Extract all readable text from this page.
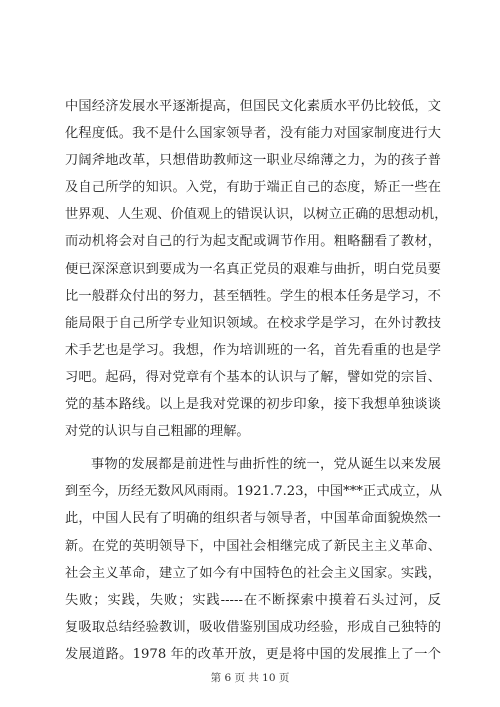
中国经济发展水平逐渐提高，但国民文化素质水平仍比较低，文
化程度低。我不是什么国家领导者，没有能力对国家制度进行大
刀阔斧地改革，只想借助教师这一职业尽绵薄之力，为的孩子普
及自己所学的知识。入党，有助于端正自己的态度，矫正一些在
世界观、人生观、价值观上的错误认识，以树立正确的思想动机，
而动机将会对自己的行为起支配或调节作用。粗略翻看了教材，
便已深深意识到要成为一名真正党员的艰难与曲折，明白党员要
比一般群众付出的努力，甚至牺牲。学生的根本任务是学习，不
能局限于自己所学专业知识领域。在校求学是学习，在外讨教技
术手艺也是学习。我想，作为培训班的一名，首先看重的也是学
习吧。起码，得对党章有个基本的认识与了解，譬如党的宗旨、
党的基本路线。以上是我对党课的初步印象，接下我想单独谈谈
对党的认识与自己粗鄙的理解。
事物的发展都是前进性与曲折性的统一，党从诞生以来发展
到至今，历经无数风风雨雨。1921.7.23，中国***正式成立，从
此，中国人民有了明确的组织者与领导者，中国革命面貌焕然一
新。在党的英明领导下，中国社会相继完成了新民主主义革命、
社会主义革命，建立了如今有中国特色的社会主义国家。实践，
失败；实践，失败；实践-----在不断探索中摸着石头过河，反
复吸取总结经验教训，吸收借鉴别国成功经验，形成自己独特的
发展道路。1978 年的改革开放，更是将中国的发展推上了一个
第 6 页 共 10 页
